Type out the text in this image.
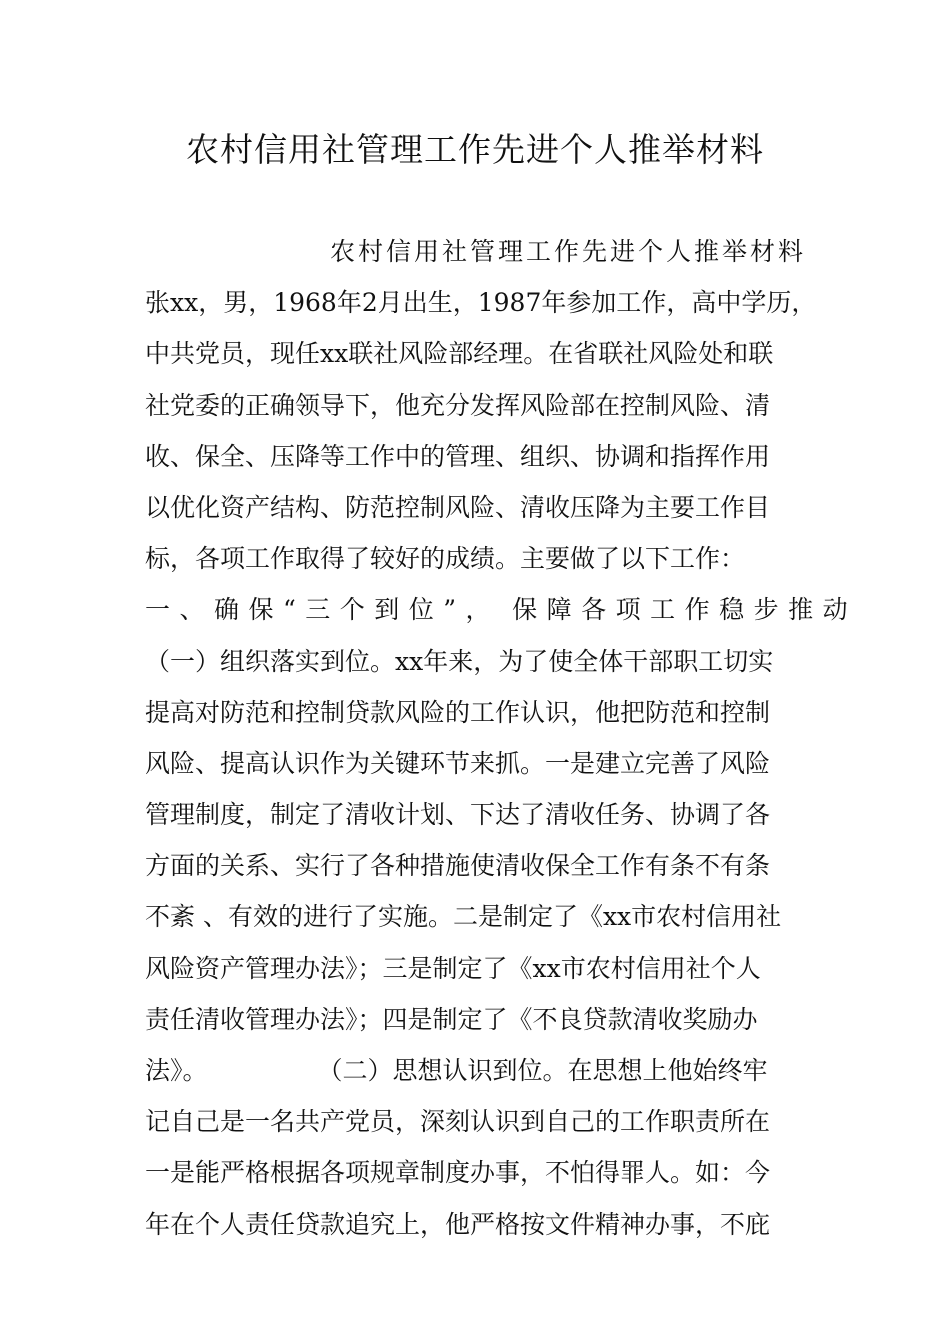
农村信用社管理工作先进个人推举材料
农村信用社管理工作先进个人推举材料
张xx，男，1968年2月出生，1987年参加工作，高中学历，
中共党员，现任xx联社风险部经理。在省联社风险处和联
社党委的正确领导下，他充分发挥风险部在控制风险、清
收、保全、压降等工作中的管理、组织、协调和指挥作用
以优化资产结构、防范控制风险、清收压降为主要工作目
标，各项工作取得了较好的成绩。主要做了以下工作：
一、确保“三个到位”， 保障各项工作稳步推动
（一）组织落实到位。xx年来，为了使全体干部职工切实
提高对防范和控制贷款风险的工作认识，他把防范和控制
风险、提高认识作为关键环节来抓。一是建立完善了风险
管理制度，制定了清收计划、下达了清收任务、协调了各
方面的关系、实行了各种措施使清收保全工作有条不有条
不紊 、有效的进行了实施。二是制定了《xx市农村信用社
风险资产管理办法》；三是制定了《xx市农村信用社个人
责任清收管理办法》；四是制定了《不良贷款清收奖励办
法》。	（二）思想认识到位。在思想上他始终牢
记自己是一名共产党员，深刻认识到自己的工作职责所在
一是能严格根据各项规章制度办事，不怕得罪人。如：今
年在个人责任贷款追究上，他严格按文件精神办事，不庇
